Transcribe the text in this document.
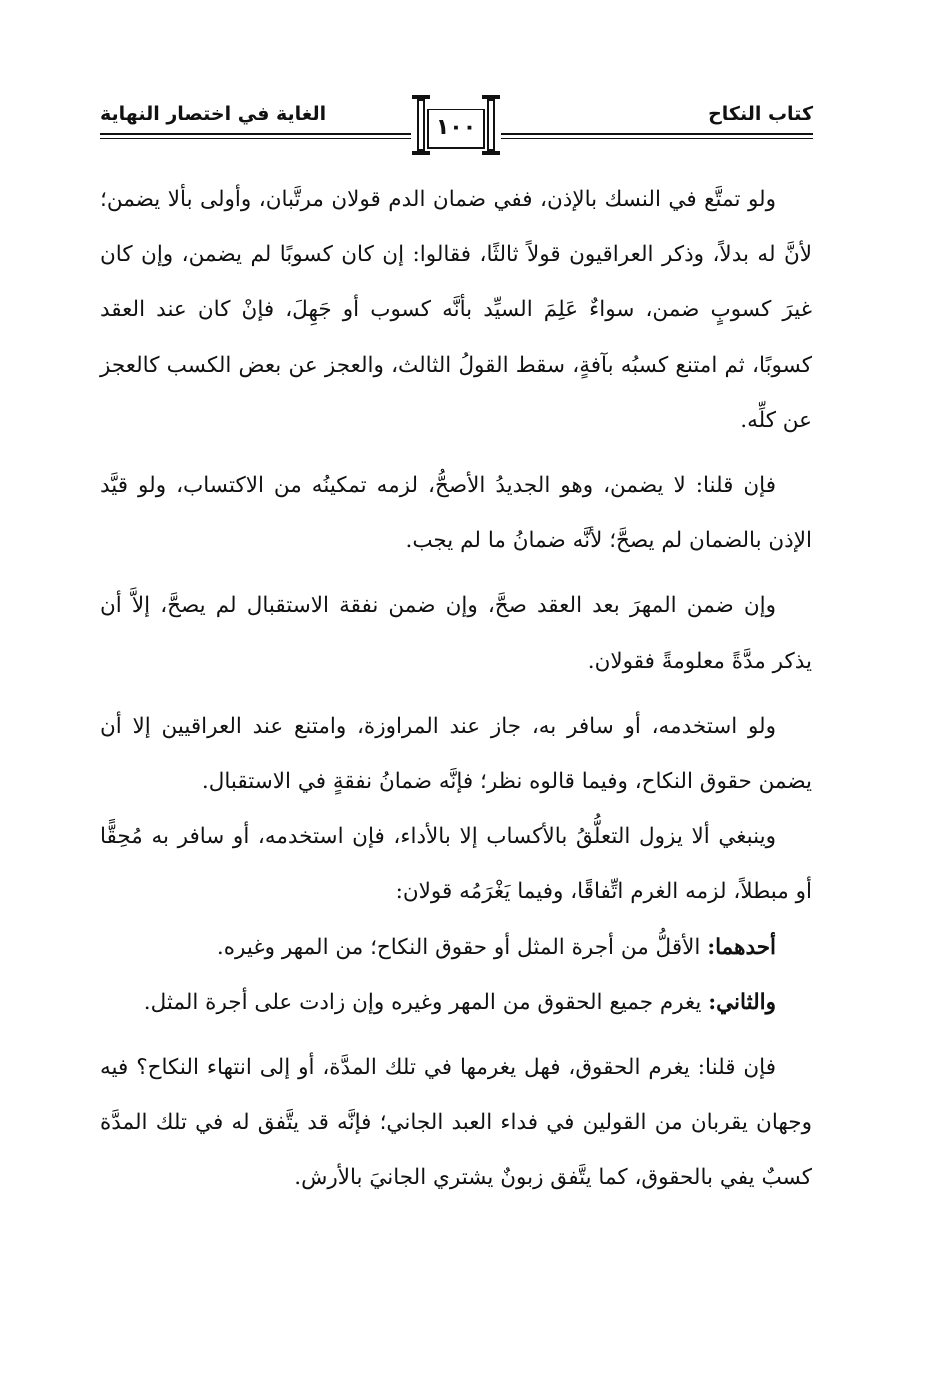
كتاب النكاح
الغاية في اختصار النهاية
١٠٠

ولو تمتَّع في النسك بالإذن، ففي ضمان الدم قولان مرتَّبان، وأولى بألا يضمن؛ لأنَّ له بدلاً، وذكر العراقيون قولاً ثالثًا، فقالوا: إن كان كسوبًا لم يضمن، وإن كان غيرَ كسوبٍ ضمن، سواءٌ عَلِمَ السيِّد بأنَّه كسوب أو جَهِلَ، فإنْ كان عند العقد كسوبًا، ثم امتنع كسبُه بآفةٍ، سقط القولُ الثالث، والعجز عن بعض الكسب كالعجز عن كلِّه.

فإن قلنا: لا يضمن، وهو الجديدُ الأصحُّ، لزمه تمكينُه من الاكتساب، ولو قيَّد الإذن بالضمان لم يصحَّ؛ لأنَّه ضمانُ ما لم يجب.

وإن ضمن المهرَ بعد العقد صحَّ، وإن ضمن نفقة الاستقبال لم يصحَّ، إلاَّ أن يذكر مدَّةً معلومةً فقولان.

ولو استخدمه، أو سافر به، جاز عند المراوزة، وامتنع عند العراقيين إلا أن يضمن حقوق النكاح، وفيما قالوه نظر؛ فإنَّه ضمانُ نفقةٍ في الاستقبال.

وينبغي ألا يزول التعلُّقُ بالأكساب إلا بالأداء، فإن استخدمه، أو سافر به مُحِقًّا أو مبطلاً، لزمه الغرم اتِّفاقًا، وفيما يَغْرَمُه قولان:

أحدهما: الأقلُّ من أجرة المثل أو حقوق النكاح؛ من المهر وغيره.

والثاني: يغرم جميع الحقوق من المهر وغيره وإن زادت على أجرة المثل.

فإن قلنا: يغرم الحقوق، فهل يغرمها في تلك المدَّة، أو إلى انتهاء النكاح؟ فيه وجهان يقربان من القولين في فداء العبد الجاني؛ فإنَّه قد يتَّفق له في تلك المدَّة كسبٌ يفي بالحقوق، كما يتَّفق زبونٌ يشتري الجانيَ بالأرش.
